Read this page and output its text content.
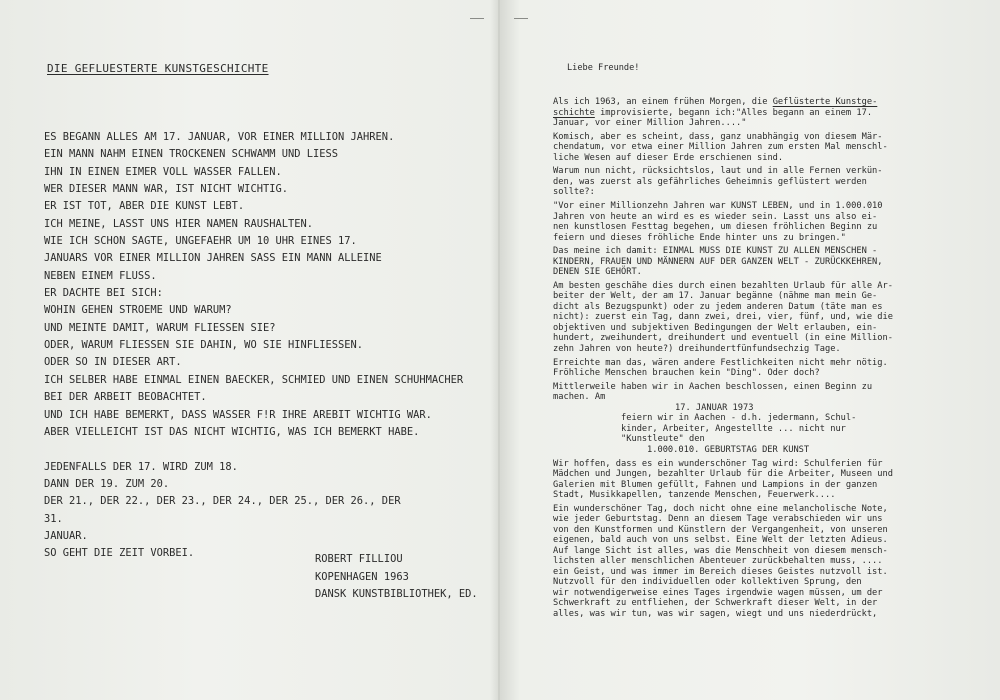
DIE GEFLUESTERTE KUNSTGESCHICHTE
ES BEGANN ALLES AM 17. JANUAR, VOR EINER MILLION JAHREN.
EIN MANN NAHM EINEN TROCKENEN SCHWAMM UND LIESS
IHN IN EINEN EIMER VOLL WASSER FALLEN.
WER DIESER MANN WAR, IST NICHT WICHTIG.
ER IST TOT, ABER DIE KUNST LEBT.
ICH MEINE, LASST UNS HIER NAMEN RAUSHALTEN.
WIE ICH SCHON SAGTE, UNGEFAEHR UM 10 UHR EINES 17.
JANUARS VOR EINER MILLION JAHREN SASS EIN MANN ALLEINE
NEBEN EINEM FLUSS.
ER DACHTE BEI SICH:
WOHIN GEHEN STROEME UND WARUM?
UND MEINTE DAMIT, WARUM FLIESSEN SIE?
ODER, WARUM FLIESSEN SIE DAHIN, WO SIE HINFLIESSEN.
ODER SO IN DIESER ART.
ICH SELBER HABE EINMAL EINEN BAECKER, SCHMIED UND EINEN SCHUHMACHER
BEI DER ARBEIT BEOBACHTET.
UND ICH HABE BEMERKT, DASS WASSER F!R IHRE AREBIT WICHTIG WAR.
ABER VIELLEICHT IST DAS NICHT WICHTIG, WAS ICH BEMERKT HABE.
JEDENFALLS DER 17. WIRD ZUM 18.
DANN DER 19. ZUM 20.
DER 21., DER 22., DER 23., DER 24., DER 25., DER 26., DER
31.
JANUAR.
SO GEHT DIE ZEIT VORBEI.	ROBERT FILLIOU
KOPENHAGEN 1963
DANSK KUNSTBIBLIOTHEK, ED.
Liebe Freunde!
Als ich 1963, an einem frühen Morgen, die Geflüsterte Kunstge-
schichte improvisierte, begann ich:"Alles begann an einem 17.
Januar, vor einer Million Jahren...."
Komisch, aber es scheint, dass, ganz unabhängig von diesem Mär-
chendatum, vor etwa einer Million Jahren zum ersten Mal menschl-
liche Wesen auf dieser Erde erschienen sind.
Warum nun nicht, rücksichtslos, laut und in alle Fernen verkün-
den, was zuerst als gefährliches Geheimnis geflüstert werden
sollte?:
"Vor einer Millionzehn Jahren war KUNST LEBEN, und in 1.000.010
Jahren von heute an wird es es wieder sein. Lasst uns also ei-
nen kunstlosen Festtag begehen, um diesen fröhlichen Beginn zu
feiern und dieses fröhliche Ende hinter uns zu bringen."
Das meine ich damit: EINMAL MUSS DIE KUNST ZU ALLEN MENSCHEN -
KINDERN, FRAUEN UND MÄNNERN AUF DER GANZEN WELT - ZURÜCKKEHREN,
DENEN SIE GEHÖRT.
Am besten geschähe dies durch einen bezahlten Urlaub für alle Ar-
beiter der Welt, der am 17. Januar begänne (nähme man mein Ge-
dicht als Bezugspunkt) oder zu jedem anderen Datum (täte man es
nicht): zuerst ein Tag, dann zwei, drei, vier, fünf, und, wie die
objektiven und subjektiven Bedingungen der Welt erlauben, ein-
hundert, zweihundert, dreihundert und eventuell (in eine Million-
zehn Jahren von heute?) dreihundertfünfundsechzig Tage.
Erreichte man das, wären andere Festlichkeiten nicht mehr nötig.
Fröhliche Menschen brauchen kein "Ding". Oder doch?
Mittlerweile haben wir in Aachen beschlossen, einen Beginn zu
machen. Am
17. JANUAR 1973
feiern wir in Aachen - d.h. jedermann, Schul-
kinder, Arbeiter, Angestellte ... nicht nur
"Kunstleute" den
1.000.010. GEBURTSTAG DER KUNST
Wir hoffen, dass es ein wunderschöner Tag wird: Schulferien für
Mädchen und Jungen, bezahlter Urlaub für die Arbeiter, Museen und
Galerien mit Blumen gefüllt, Fahnen und Lampions in der ganzen
Stadt, Musikkapellen, tanzende Menschen, Feuerwerk....
Ein wunderschöner Tag, doch nicht ohne eine melancholische Note,
wie jeder Geburtstag. Denn an diesem Tage verabschieden wir uns
von den Kunstformen und Künstlern der Vergangenheit, von unseren
eigenen, bald auch von uns selbst. Eine Welt der letzten Adieus.
Auf lange Sicht ist alles, was die Menschheit von diesem mensch-
lichsten aller menschlichen Abenteuer zurückbehalten muss, ....
ein Geist, und was immer im Bereich dieses Geistes nutzvoll ist.
Nutzvoll für den individuellen oder kollektiven Sprung, den
wir notwendigerweise eines Tages irgendwie wagen müssen, um der
Schwerkraft zu entfliehen, der Schwerkraft dieser Welt, in der
alles, was wir tun, was wir sagen, wiegt und uns niederdrückt,
